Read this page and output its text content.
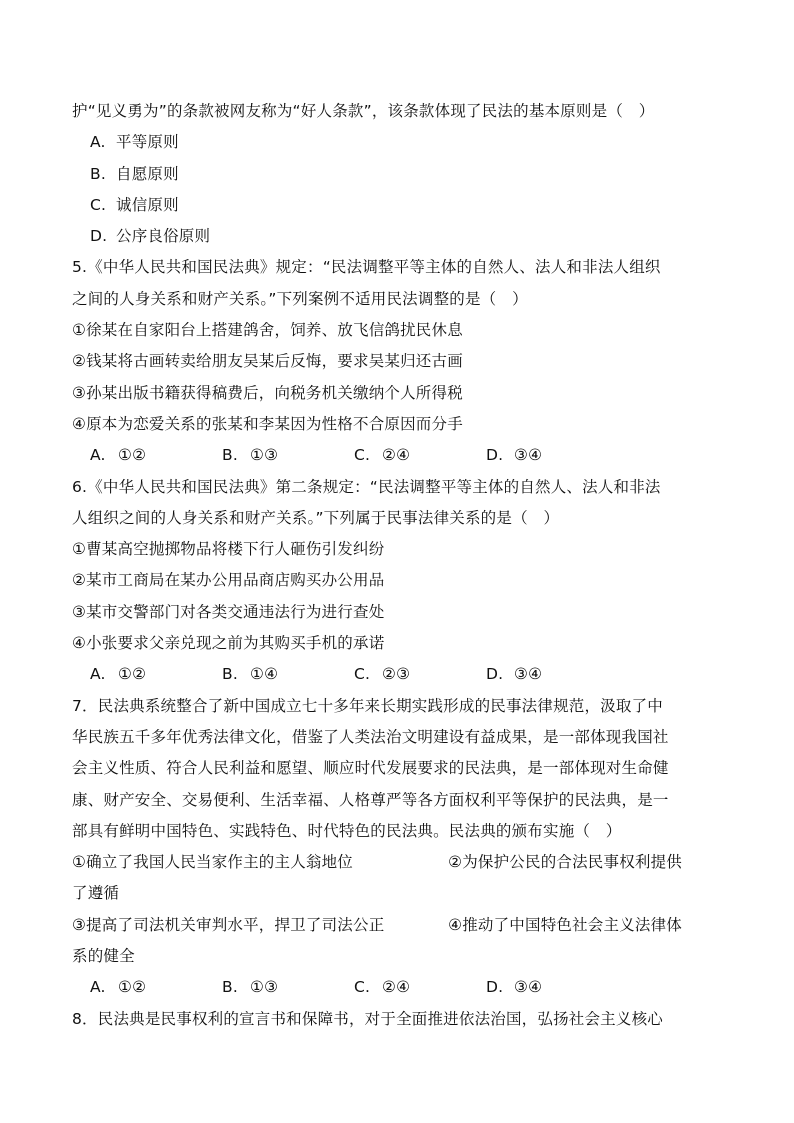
护“见义勇为”的条款被网友称为“好人条款”，该条款体现了民法的基本原则是（　）
A. 平等原则
B. 自愿原则
C. 诚信原则
D. 公序良俗原则
5.《中华人民共和国民法典》规定：“民法调整平等主体的自然人、法人和非法人组织
之间的人身关系和财产关系。”下列案例不适用民法调整的是（　）
①徐某在自家阳台上搭建鸽舍，饲养、放飞信鸽扰民休息
②钱某将古画转卖给朋友吴某后反悔，要求吴某归还古画
③孙某出版书籍获得稿费后，向税务机关缴纳个人所得税
④原本为恋爱关系的张某和李某因为性格不合原因而分手
A. ①②	B. ①③	C. ②④	D. ③④
6.《中华人民共和国民法典》第二条规定：“民法调整平等主体的自然人、法人和非法
人组织之间的人身关系和财产关系。”下列属于民事法律关系的是（　）
①曹某高空抛掷物品将楼下行人砸伤引发纠纷
②某市工商局在某办公用品商店购买办公用品
③某市交警部门对各类交通违法行为进行查处
④小张要求父亲兑现之前为其购买手机的承诺
A. ①②	B. ①④	C. ②③	D. ③④
7．民法典系统整合了新中国成立七十多年来长期实践形成的民事法律规范，汲取了中
华民族五千多年优秀法律文化，借鉴了人类法治文明建设有益成果，是一部体现我国社
会主义性质、符合人民利益和愿望、顺应时代发展要求的民法典，是一部体现对生命健
康、财产安全、交易便利、生活幸福、人格尊严等各方面权利平等保护的民法典，是一
部具有鲜明中国特色、实践特色、时代特色的民法典。民法典的颁布实施（　）
①确立了我国人民当家作主的主人翁地位	②为保护公民的合法民事权利提供
了遵循
③提高了司法机关审判水平，捍卫了司法公正	④推动了中国特色社会主义法律体
系的健全
A. ①②	B. ①③	C. ②④	D. ③④
8．民法典是民事权利的宣言书和保障书，对于全面推进依法治国，弘扬社会主义核心
